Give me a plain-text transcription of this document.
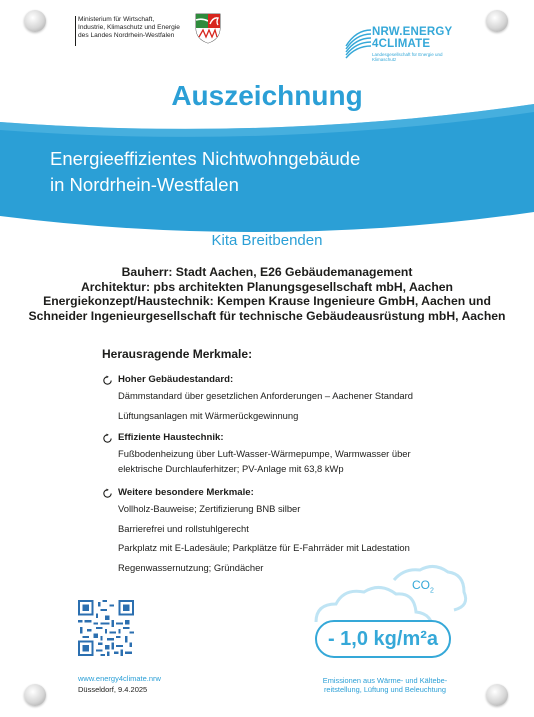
Ministerium für Wirtschaft,
Industrie, Klimaschutz und Energie
des Landes Nordrhein-Westfalen	NRW.ENERGY
4CLIMATE
Landesgesellschaft für Energie und Klimaschutz
Auszeichnung
Energieeffizientes Nichtwohngebäude
in Nordrhein-Westfalen
Kita Breitbenden
Bauherr: Stadt Aachen, E26 Gebäudemanagement
Architektur: pbs architekten Planungsgesellschaft mbH, Aachen
Energiekonzept/Haustechnik: Kempen Krause Ingenieure GmbH, Aachen und
Schneider Ingenieurgesellschaft für technische Gebäudeausrüstung mbH, Aachen
Herausragende Merkmale:
Hoher Gebäudestandard:
Dämmstandard über gesetzlichen Anforderungen – Aachener Standard
Lüftungsanlagen mit Wärmerückgewinnung
Effiziente Haustechnik:
Fußbodenheizung über Luft-Wasser-Wärmepumpe, Warmwasser über
elektrische Durchlauferhitzer; PV-Anlage mit 63,8 kWp
Weitere besondere Merkmale:
Vollholz-Bauweise; Zertifizierung BNB silber
Barrierefrei und rollstuhlgerecht
Parkplatz mit E-Ladesäule; Parkplätze für E-Fahrräder mit Ladestation
Regenwassernutzung; Gründächer
www.energy4climate.nrw
Düsseldorf, 9.4.2025
$CO_2$
- 1,0 kg/m²a
Emissionen aus Wärme- und Kältebe-
reitstellung, Lüftung und Beleuchtung
